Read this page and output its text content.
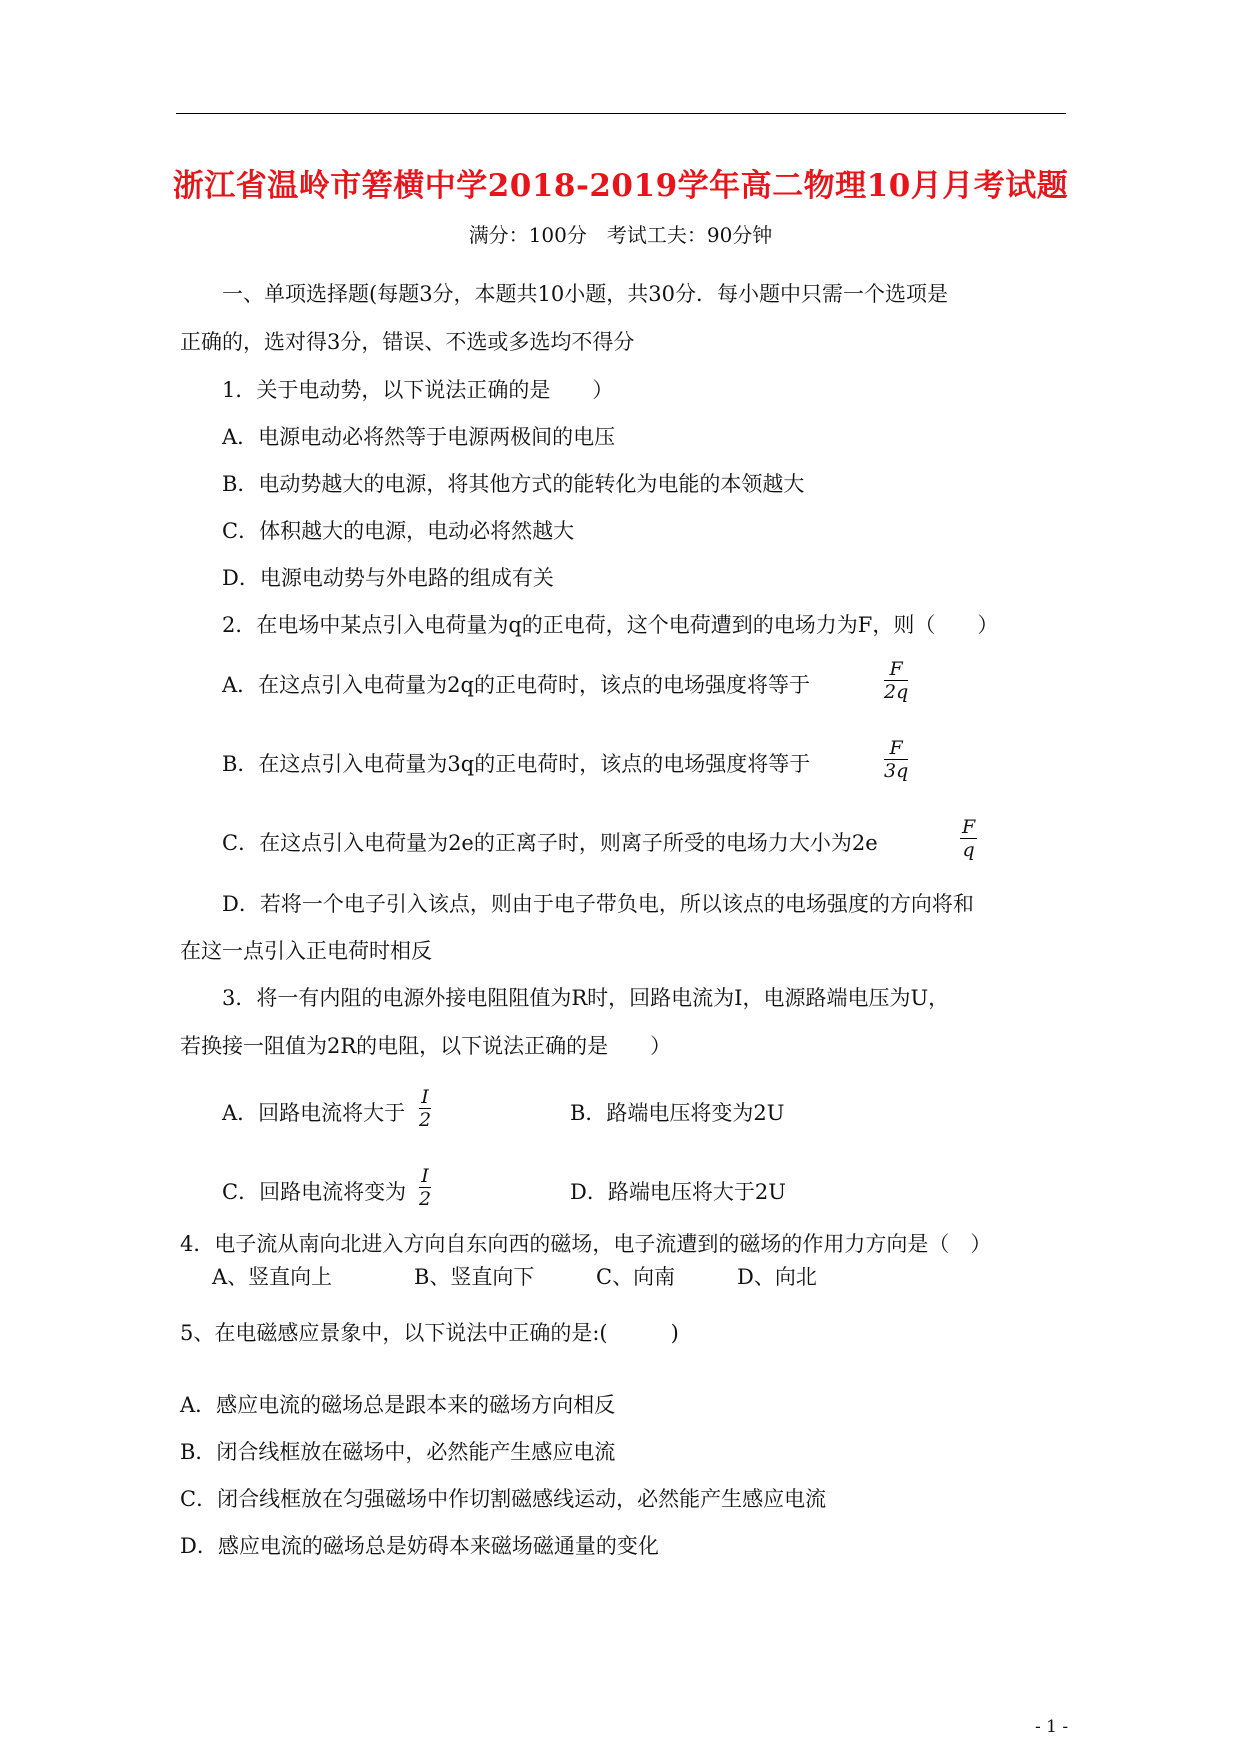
浙江省温岭市箬横中学2018-2019学年高二物理10月月考试题
满分：100分　考试工夫：90分钟
一、单项选择题(每题3分，本题共10小题，共30分．每小题中只需一个选项是
正确的，选对得3分，错误、不选或多选均不得分
1．关于电动势，以下说法正确的是　　）
A．电源电动必将然等于电源两极间的电压
B．电动势越大的电源，将其他方式的能转化为电能的本领越大
C．体积越大的电源，电动必将然越大
D．电源电动势与外电路的组成有关
2．在电场中某点引入电荷量为q的正电荷，这个电荷遭到的电场力为F，则（　　）
A．在这点引入电荷量为2q的正电荷时，该点的电场强度将等于	$\frac{F}{2q}$
B．在这点引入电荷量为3q的正电荷时，该点的电场强度将等于	$\frac{F}{3q}$
C．在这点引入电荷量为2e的正离子时，则离子所受的电场力大小为2e	$\frac{F}{q}$
D．若将一个电子引入该点，则由于电子带负电，所以该点的电场强度的方向将和
在这一点引入正电荷时相反
3．将一有内阻的电源外接电阻阻值为R时，回路电流为I，电源路端电压为U，
若换接一阻值为2R的电阻，以下说法正确的是　　）
A．回路电流将大于 $\frac{I}{2}$	B．路端电压将变为2U
C．回路电流将变为 $\frac{I}{2}$	D．路端电压将大于2U
4．电子流从南向北进入方向自东向西的磁场，电子流遭到的磁场的作用力方向是（　）
A、竖直向上	B、竖直向下	C、向南	D、向北
5、在电磁感应景象中，以下说法中正确的是:(　　　)
A．感应电流的磁场总是跟本来的磁场方向相反
B．闭合线框放在磁场中，必然能产生感应电流
C．闭合线框放在匀强磁场中作切割磁感线运动，必然能产生感应电流
D．感应电流的磁场总是妨碍本来磁场磁通量的变化
- 1 -
